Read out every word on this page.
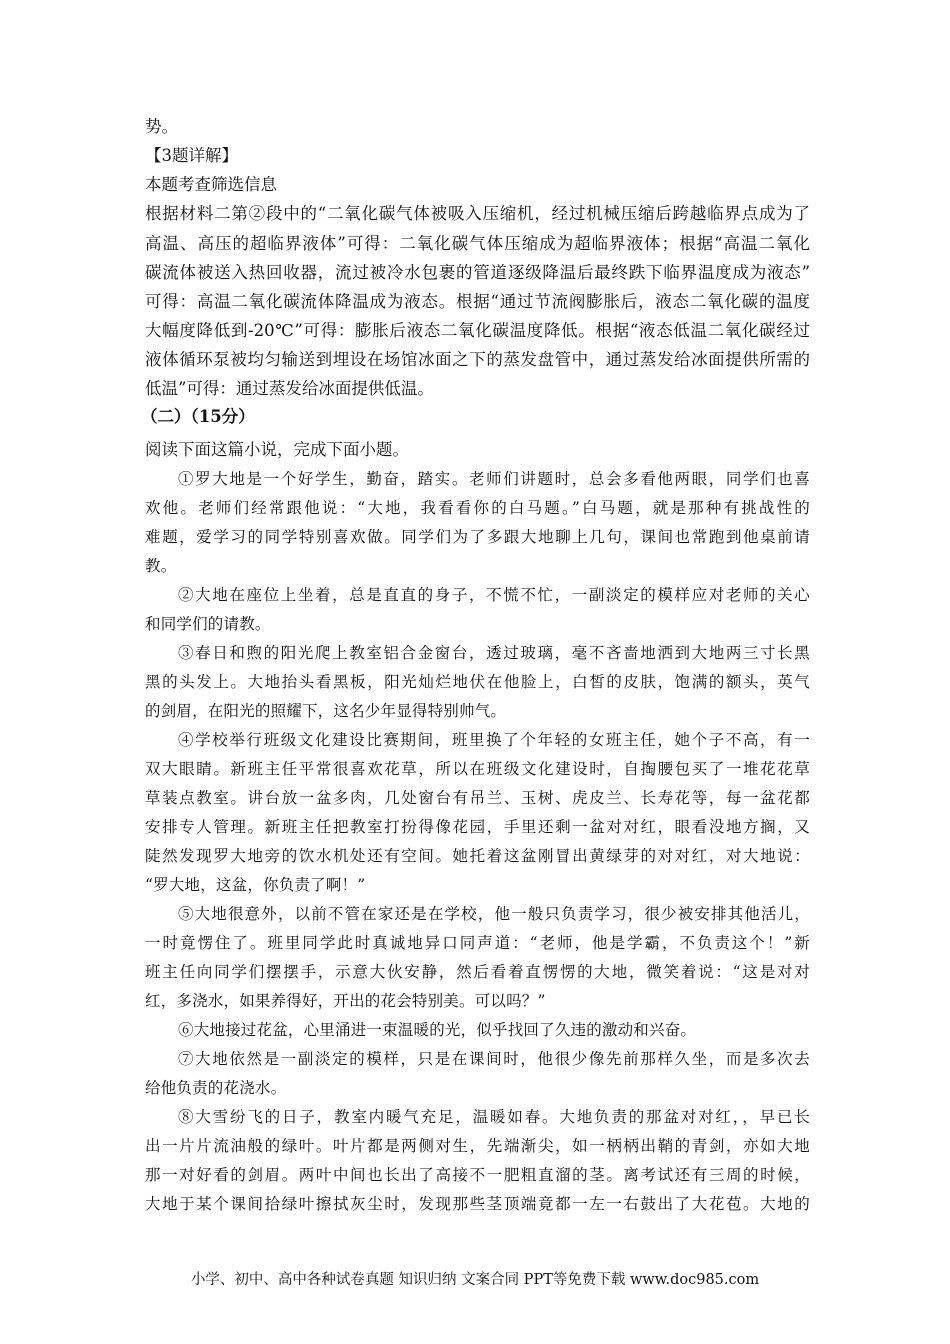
势。
【3题详解】
本题考查筛选信息
根据材料二第②段中的“二氧化碳气体被吸入压缩机，经过机械压缩后跨越临界点成为了
高温、高压的超临界液体”可得：二氧化碳气体压缩成为超临界液体；根据“高温二氧化
碳流体被送入热回收器，流过被冷水包裹的管道逐级降温后最终跌下临界温度成为液态”
可得：高温二氧化碳流体降温成为液态。根据“通过节流阀膨胀后，液态二氧化碳的温度
大幅度降低到-20℃”可得：膨胀后液态二氧化碳温度降低。根据“液态低温二氧化碳经过
液体循环泵被均匀输送到埋设在场馆冰面之下的蒸发盘管中，通过蒸发给冰面提供所需的
低温”可得：通过蒸发给冰面提供低温。
（二）（15分）
阅读下面这篇小说，完成下面小题。
①罗大地是一个好学生，勤奋，踏实。老师们讲题时，总会多看他两眼，同学们也喜
欢他。老师们经常跟他说：“大地，我看看你的白马题。”白马题，就是那种有挑战性的
难题，爱学习的同学特别喜欢做。同学们为了多跟大地聊上几句，课间也常跑到他桌前请
教。
②大地在座位上坐着，总是直直的身子，不慌不忙，一副淡定的模样应对老师的关心
和同学们的请教。
③春日和煦的阳光爬上教室铝合金窗台，透过玻璃，毫不吝啬地洒到大地两三寸长黑
黑的头发上。大地抬头看黑板，阳光灿烂地伏在他脸上，白皙的皮肤，饱满的额头，英气
的剑眉，在阳光的照耀下，这名少年显得特别帅气。
④学校举行班级文化建设比赛期间，班里换了个年轻的女班主任，她个子不高，有一
双大眼睛。新班主任平常很喜欢花草，所以在班级文化建设时，自掏腰包买了一堆花花草
草装点教室。讲台放一盆多肉，几处窗台有吊兰、玉树、虎皮兰、长寿花等，每一盆花都
安排专人管理。新班主任把教室打扮得像花园，手里还剩一盆对对红，眼看没地方搁，又
陡然发现罗大地旁的饮水机处还有空间。她托着这盆刚冒出黄绿芽的对对红，对大地说：
“罗大地，这盆，你负责了啊！”
⑤大地很意外，以前不管在家还是在学校，他一般只负责学习，很少被安排其他活儿，
一时竟愣住了。班里同学此时真诚地异口同声道：“老师，他是学霸，不负责这个！”新
班主任向同学们摆摆手，示意大伙安静，然后看着直愣愣的大地，微笑着说：“这是对对
红，多浇水，如果养得好，开出的花会特别美。可以吗？”
⑥大地接过花盆，心里涌进一束温暖的光，似乎找回了久违的激动和兴奋。
⑦大地依然是一副淡定的模样，只是在课间时，他很少像先前那样久坐，而是多次去
给他负责的花浇水。
⑧大雪纷飞的日子，教室内暖气充足，温暖如春。大地负责的那盆对对红，，早已长
出一片片流油般的绿叶。叶片都是两侧对生，先端渐尖，如一柄柄出鞘的青剑，亦如大地
那一对好看的剑眉。两叶中间也长出了高接不一肥粗直溜的茎。离考试还有三周的时候，
大地于某个课间拾绿叶擦拭灰尘时，发现那些茎顶端竟都一左一右鼓出了大花苞。大地的
小学、初中、高中各种试卷真题 知识归纳 文案合同 PPT等免费下载 www.doc985.com
